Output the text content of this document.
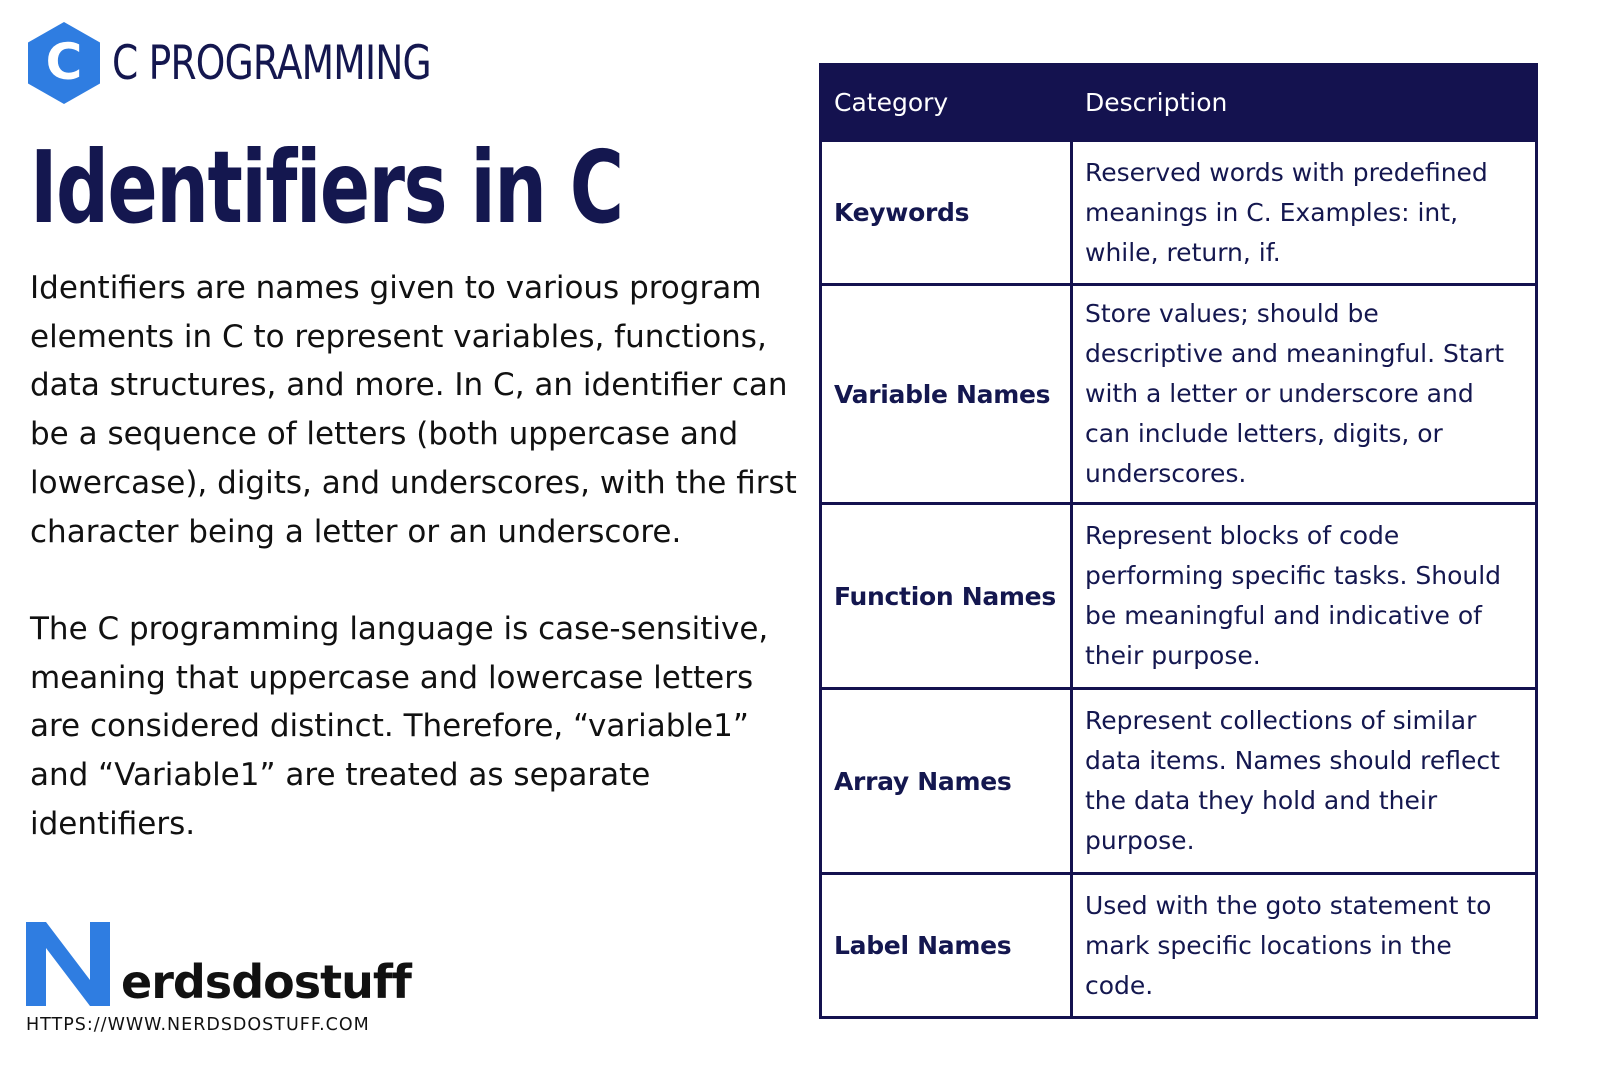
C C PROGRAMMING
Identifiers in C

Identifiers are names given to various program elements in C to represent variables, functions, data structures, and more. In C, an identifier can be a sequence of letters (both uppercase and lowercase), digits, and underscores, with the first character being a letter or an underscore.

The C programming language is case-sensitive, meaning that uppercase and lowercase letters are considered distinct. Therefore, “variable1” and “Variable1” are treated as separate identifiers.

Category	Description
Keywords	Reserved words with predefined meanings in C. Examples: int, while, return, if.
Variable Names	Store values; should be descriptive and meaningful. Start with a letter or underscore and can include letters, digits, or underscores.
Function Names	Represent blocks of code performing specific tasks. Should be meaningful and indicative of their purpose.
Array Names	Represent collections of similar data items. Names should reflect the data they hold and their purpose.
Label Names	Used with the goto statement to mark specific locations in the code.
erdsdostuff
HTTPS://WWW.NERDSDOSTUFF.COM
